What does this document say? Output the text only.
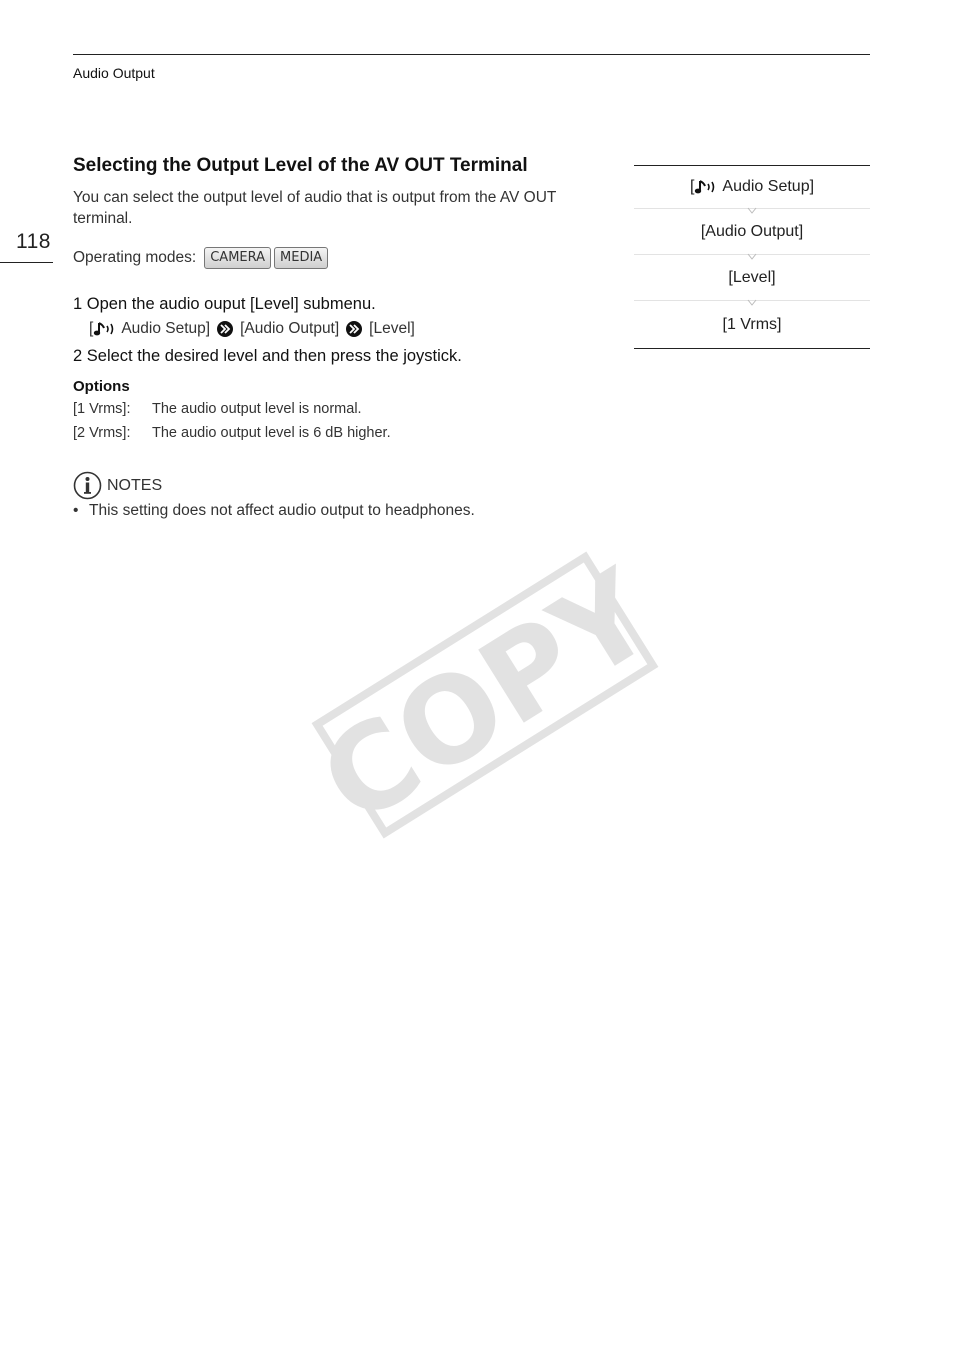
Audio Output
118
Selecting the Output Level of the AV OUT Terminal
You can select the output level of audio that is output from the AV OUT terminal.
Operating modes:	CAMERA	MEDIA
1 Open the audio ouput [Level] submenu.
[ Audio Setup] [Audio Output] [Level]
2 Select the desired level and then press the joystick.
Options
[1 Vrms]:	The audio output level is normal.
[2 Vrms]:	The audio output level is 6 dB higher.
NOTES
• This setting does not affect audio output to headphones.
[ Audio Setup]
[Audio Output]
[Level]
[1 Vrms]
COPY
